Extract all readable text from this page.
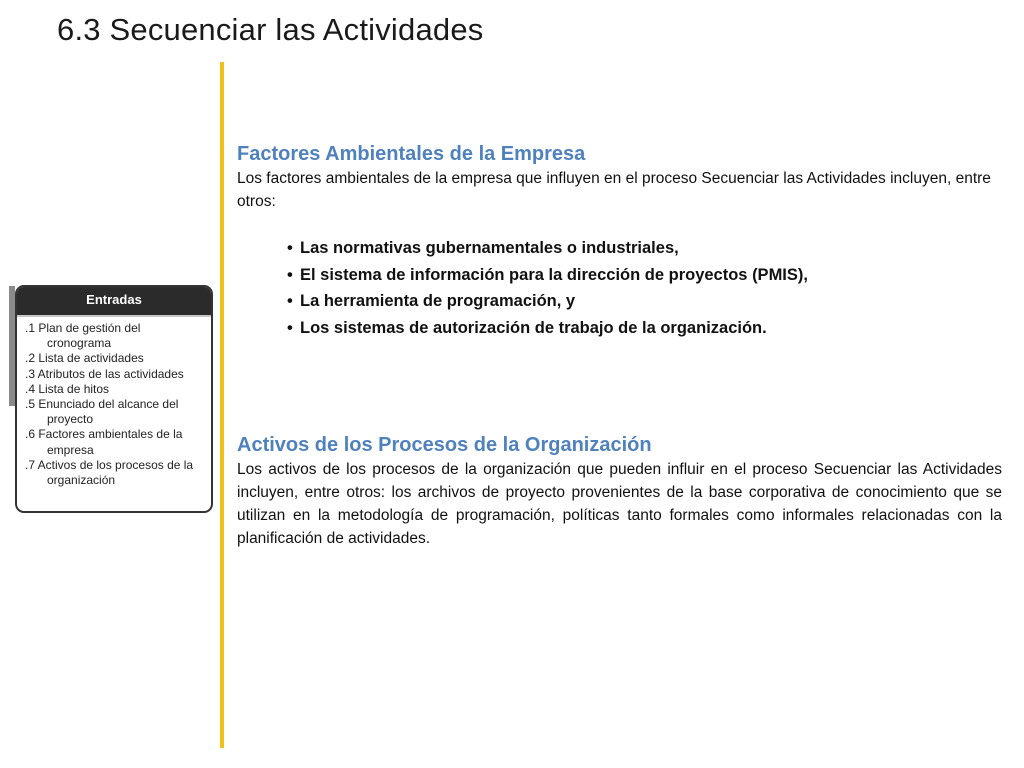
6.3 Secuenciar las Actividades
Entradas
.1 Plan de gestión del cronograma
.2 Lista de actividades
.3 Atributos de las actividades
.4 Lista de hitos
.5 Enunciado del alcance del proyecto
.6 Factores ambientales de la empresa
.7 Activos de los procesos de la organización
Factores Ambientales de la Empresa
Los factores ambientales de la empresa que influyen en el proceso Secuenciar las Actividades incluyen, entre otros:
• Las normativas gubernamentales o industriales,
• El sistema de información para la dirección de proyectos (PMIS),
• La herramienta de programación, y
• Los sistemas de autorización de trabajo de la organización.
Activos de los Procesos de la Organización
Los activos de los procesos de la organización que pueden influir en el proceso Secuenciar las Actividades incluyen, entre otros: los archivos de proyecto provenientes de la base corporativa de conocimiento que se utilizan en la metodología de programación, políticas tanto formales como informales relacionadas con la planificación de actividades.
